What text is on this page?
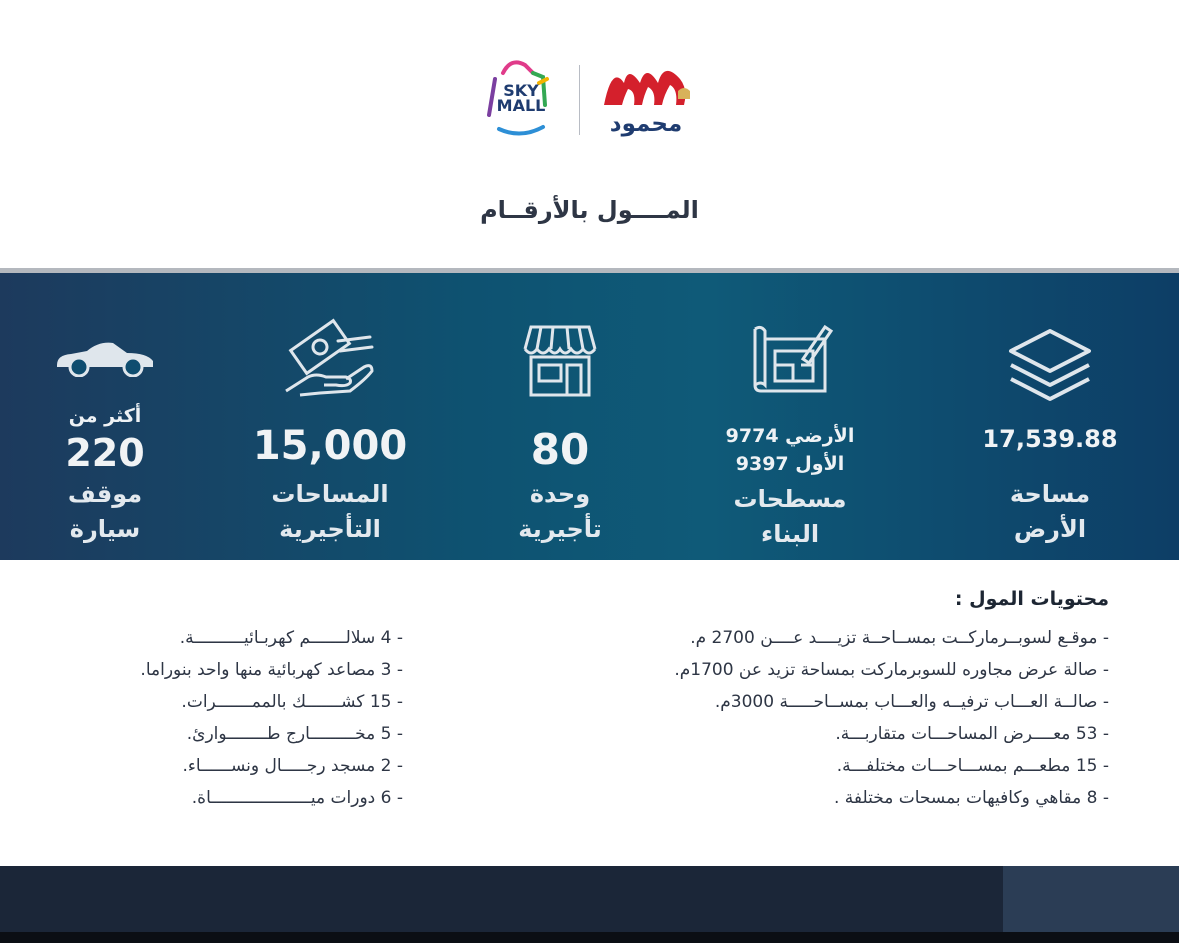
SKY
MALL
محمود
المــــول بالأرقــام
17,539.88
مساحة
الأرض
الأرضي 9774
الأول 9397
مسطحات
البناء
80
وحدة
تأجيرية
15,000
المساحات
التأجيرية
أكثر من
220
موقف
سيارة
محتويات المول :
- موقـع لسوبــرماركــت بمســاحــة تزيــــد عــــن 2700 م.
- صالة عرض مجاوره للسوبرماركت بمساحة تزيد عن 1700م.
- صالــة العـــاب ترفيــه والعـــاب بمســاحـــــة 3000م.
- 53 معــــرض المساحـــات متقاربـــة.
- 15 مطعـــم بمســـاحـــات مختلفـــة.
- 8 مقاهي وكافيهات بمسحات مختلفة .
- 4 سلالـــــــم كهربـائيــــــــــة.
- 3 مصاعد كهربائية منها واحد بنوراما.
- 15 كشـــــــك بالممـــــــرات.
- 5 مخـــــــــارج طــــــــوارئ.
- 2 مسجد رجـــــال ونســــــاء.
- 6 دورات ميــــــــــــــــــــاة.
